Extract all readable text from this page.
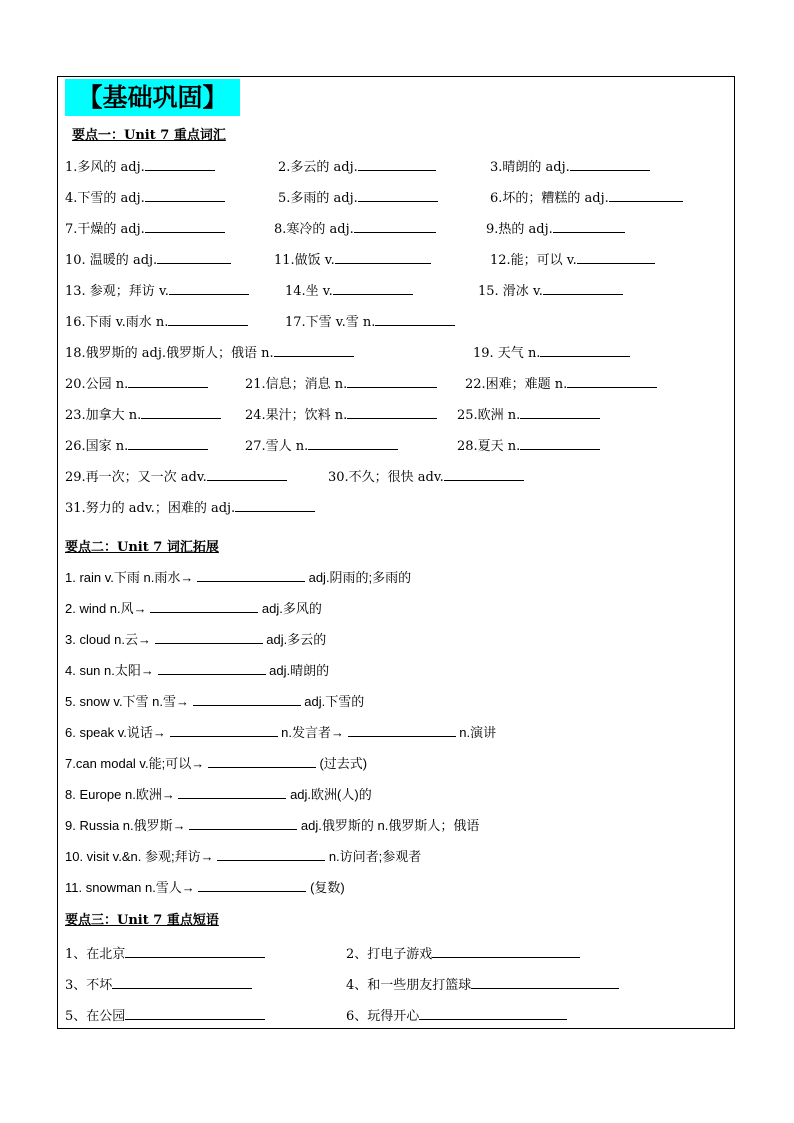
【基础巩固】
要点一：Unit 7 重点词汇
1.多风的 adj.	2.多云的 adj.	3.晴朗的 adj.
4.下雪的 adj.	5.多雨的 adj.	6.坏的；糟糕的 adj.
7.干燥的 adj.	8.寒冷的 adj.	9.热的 adj.
10. 温暖的 adj.	11.做饭 v.	12.能；可以 v.
13. 参观；拜访 v.	14.坐 v.	15. 滑冰 v.
16.下雨 v.雨水 n.	17.下雪 v.雪 n.
18.俄罗斯的 adj.俄罗斯人；俄语 n.	19. 天气 n.
20.公园 n.	21.信息；消息 n.	22.困难；难题 n.
23.加拿大 n.	24.果汁；饮料 n.	25.欧洲 n.
26.国家 n.	27.雪人 n.	28.夏天 n.
29.再一次；又一次 adv.	30.不久；很快 adv.
31.努力的 adv.；困难的 adj.
要点二：Unit 7 词汇拓展
1. rain v.下雨 n.雨水→	adj.阴雨的;多雨的
2. wind n.风→	adj.多风的
3. cloud n.云→	adj.多云的
4. sun n.太阳→	adj.晴朗的
5. snow v.下雪 n.雪→	adj.下雪的
6. speak v.说话→	n.发言者→	n.演讲
7.can modal v.能;可以→	(过去式)
8. Europe n.欧洲→	adj.欧洲(人)的
9. Russia n.俄罗斯→	adj.俄罗斯的 n.俄罗斯人；俄语
10. visit v.&n. 参观;拜访→	n.访问者;参观者
11. snowman n.雪人→	(复数)
要点三：Unit 7 重点短语
1、在北京	2、打电子游戏
3、不坏	4、和一些朋友打篮球
5、在公园	6、玩得开心
